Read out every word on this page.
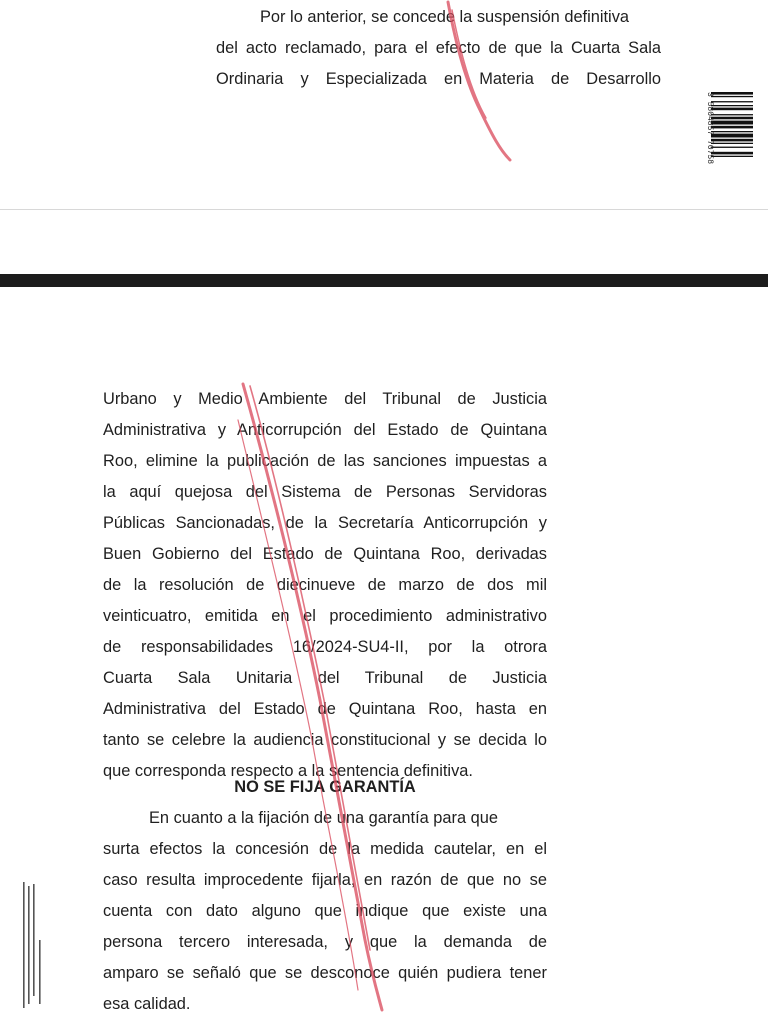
Por lo anterior, se concede la suspensión definitiva
del acto reclamado, para el efecto de que la Cuarta Sala
Ordinaria y Especializada en Materia de Desarrollo
3 5804857 70758
Urbano y Medio Ambiente del Tribunal de Justicia
Administrativa y Anticorrupción del Estado de Quintana
Roo, elimine la publicación de las sanciones impuestas a
la aquí quejosa del Sistema de Personas Servidoras
Públicas Sancionadas, de la Secretaría Anticorrupción y
Buen Gobierno del Estado de Quintana Roo, derivadas
de la resolución de diecinueve de marzo de dos mil
veinticuatro, emitida en el procedimiento administrativo
de responsabilidades 16/2024-SU4-II, por la otrora
Cuarta Sala Unitaria del Tribunal de Justicia
Administrativa del Estado de Quintana Roo, hasta en
tanto se celebre la audiencia constitucional y se decida lo
que corresponda respecto a la sentencia definitiva.

NO SE FIJA GARANTÍA

En cuanto a la fijación de una garantía para que
surta efectos la concesión de la medida cautelar, en el
caso resulta improcedente fijarla, en razón de que no se
cuenta con dato alguno que indique que existe una
persona tercero interesada, y que la demanda de
amparo se señaló que se desconoce quién pudiera tener
esa calidad.
